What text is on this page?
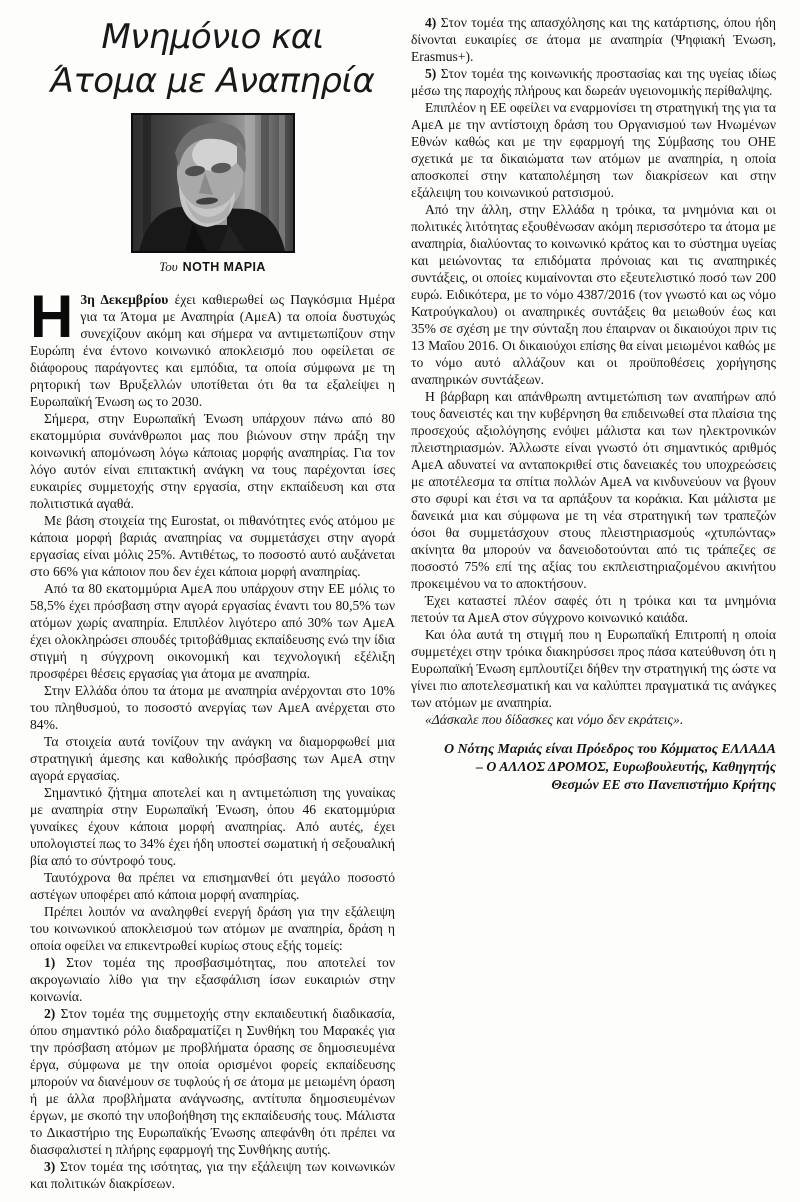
Μνημόνιο και
Άτομα με Αναπηρία
Του ΝΟΤΗ ΜΑΡΙΑ

Η 3η Δεκεμβρίου έχει καθιερωθεί ως Παγκόσμια Ημέρα για τα Άτομα με Αναπηρία (ΑμεΑ) τα οποία δυστυχώς συνεχίζουν ακόμη και σήμερα να αντιμετωπίζουν στην Ευρώπη ένα έντονο κοινωνικό αποκλεισμό που οφείλεται σε διάφορους παράγοντες και εμπόδια, τα οποία σύμφωνα με τη ρητορική των Βρυξελλών υποτίθεται ότι θα τα εξαλείψει η Ευρωπαϊκή Ένωση ως το 2030.

Σήμερα, στην Ευρωπαϊκή Ένωση υπάρχουν πάνω από 80 εκατομμύρια συνάνθρωποι μας που βιώνουν στην πράξη την κοινωνική απομόνωση λόγω κάποιας μορφής αναπηρίας. Για τον λόγο αυτόν είναι επιτακτική ανάγκη να τους παρέχονται ίσες ευκαιρίες συμμετοχής στην εργασία, στην εκπαίδευση και στα πολιτιστικά αγαθά.

Με βάση στοιχεία της Eurostat, οι πιθανότητες ενός ατόμου με κάποια μορφή βαριάς αναπηρίας να συμμετάσχει στην αγορά εργασίας είναι μόλις 25%. Αντιθέτως, το ποσοστό αυτό αυξάνεται στο 66% για κάποιον που δεν έχει κάποια μορφή αναπηρίας.

Από τα 80 εκατομμύρια ΑμεΑ που υπάρχουν στην ΕΕ μόλις το 58,5% έχει πρόσβαση στην αγορά εργασίας έναντι του 80,5% των ατόμων χωρίς αναπηρία. Επιπλέον λιγότερο από 30% των ΑμεΑ έχει ολοκληρώσει σπουδές τριτοβάθμιας εκπαίδευσης ενώ την ίδια στιγμή η σύγχρονη οικονομική και τεχνολογική εξέλιξη προσφέρει θέσεις εργασίας για άτομα με αναπηρία.

Στην Ελλάδα όπου τα άτομα με αναπηρία ανέρχονται στο 10% του πληθυσμού, το ποσοστό ανεργίας των ΑμεΑ ανέρχεται στο 84%.

Τα στοιχεία αυτά τονίζουν την ανάγκη να διαμορφωθεί μια στρατηγική άμεσης και καθολικής πρόσβασης των ΑμεΑ στην αγορά εργασίας.

Σημαντικό ζήτημα αποτελεί και η αντιμετώπιση της γυναίκας με αναπηρία στην Ευρωπαϊκή Ένωση, όπου 46 εκατομμύρια γυναίκες έχουν κάποια μορφή αναπηρίας. Από αυτές, έχει υπολογιστεί πως το 34% έχει ήδη υποστεί σωματική ή σεξουαλική βία από το σύντροφό τους.

Ταυτόχρονα θα πρέπει να επισημανθεί ότι μεγάλο ποσοστό αστέγων υποφέρει από κάποια μορφή αναπηρίας.

Πρέπει λοιπόν να αναληφθεί ενεργή δράση για την εξάλειψη του κοινωνικού αποκλεισμού των ατόμων με αναπηρία, δράση η οποία οφείλει να επικεντρωθεί κυρίως στους εξής τομείς:

1) Στον τομέα της προσβασιμότητας, που αποτελεί τον ακρογωνιαίο λίθο για την εξασφάλιση ίσων ευκαιριών στην κοινωνία.

2) Στον τομέα της συμμετοχής στην εκπαιδευτική διαδικασία, όπου σημαντικό ρόλο διαδραματίζει η Συνθήκη του Μαρακές για την πρόσβαση ατόμων με προβλήματα όρασης σε δημοσιευμένα έργα, σύμφωνα με την οποία ορισμένοι φορείς εκπαίδευσης μπορούν να διανέμουν σε τυφλούς ή σε άτομα με μειωμένη όραση ή με άλλα προβλήματα ανάγνωσης, αντίτυπα δημοσιευμένων έργων, με σκοπό την υποβοήθηση της εκπαίδευσής τους. Μάλιστα το Δικαστήριο της Ευρωπαϊκής Ένωσης απεφάνθη ότι πρέπει να διασφαλιστεί η πλήρης εφαρμογή της Συνθήκης αυτής.

3) Στον τομέα της ισότητας, για την εξάλειψη των κοινωνικών και πολιτικών διακρίσεων.

4) Στον τομέα της απασχόλησης και της κατάρτισης, όπου ήδη δίνονται ευκαιρίες σε άτομα με αναπηρία (Ψηφιακή Ένωση, Erasmus+).

5) Στον τομέα της κοινωνικής προστασίας και της υγείας ιδίως μέσω της παροχής πλήρους και δωρεάν υγειονομικής περίθαλψης.

Επιπλέον η ΕΕ οφείλει να εναρμονίσει τη στρατηγική της για τα ΑμεΑ με την αντίστοιχη δράση του Οργανισμού των Ηνωμένων Εθνών καθώς και με την εφαρμογή της Σύμβασης του ΟΗΕ σχετικά με τα δικαιώματα των ατόμων με αναπηρία, η οποία αποσκοπεί στην καταπολέμηση των διακρίσεων και στην εξάλειψη του κοινωνικού ρατσισμού.

Από την άλλη, στην Ελλάδα η τρόικα, τα μνημόνια και οι πολιτικές λιτότητας εξουθένωσαν ακόμη περισσότερο τα άτομα με αναπηρία, διαλύοντας το κοινωνικό κράτος και το σύστημα υγείας και μειώνοντας τα επιδόματα πρόνοιας και τις αναπηρικές συντάξεις, οι οποίες κυμαίνονται στο εξευτελιστικό ποσό των 200 ευρώ. Ειδικότερα, με το νόμο 4387/2016 (τον γνωστό και ως νόμο Κατρούγκαλου) οι αναπηρικές συντάξεις θα μειωθούν έως και 35% σε σχέση με την σύνταξη που έπαιρναν οι δικαιούχοι πριν τις 13 Μαΐου 2016. Οι δικαιούχοι επίσης θα είναι μειωμένοι καθώς με το νόμο αυτό αλλάζουν και οι προϋποθέσεις χορήγησης αναπηρικών συντάξεων.

Η βάρβαρη και απάνθρωπη αντιμετώπιση των αναπήρων από τους δανειστές και την κυβέρνηση θα επιδεινωθεί στα πλαίσια της προσεχούς αξιολόγησης ενόψει μάλιστα και των ηλεκτρονικών πλειστηριασμών. Άλλωστε είναι γνωστό ότι σημαντικός αριθμός ΑμεΑ αδυνατεί να ανταποκριθεί στις δανειακές του υποχρεώσεις με αποτέλεσμα τα σπίτια πολλών ΑμεΑ να κινδυνεύουν να βγουν στο σφυρί και έτσι να τα αρπάξουν τα κοράκια. Και μάλιστα με δανεικά μια και σύμφωνα με τη νέα στρατηγική των τραπεζών όσοι θα συμμετάσχουν στους πλειστηριασμούς «χτυπώντας» ακίνητα θα μπορούν να δανειοδοτούνται από τις τράπεζες σε ποσοστό 75% επί της αξίας του εκπλειστηριαζομένου ακινήτου προκειμένου να το αποκτήσουν.

Έχει καταστεί πλέον σαφές ότι η τρόικα και τα μνημόνια πετούν τα ΑμεΑ στον σύγχρονο κοινωνικό καιάδα.

Και όλα αυτά τη στιγμή που η Ευρωπαϊκή Επιτροπή η οποία συμμετέχει στην τρόικα διακηρύσσει προς πάσα κατεύθυνση ότι η Ευρωπαϊκή Ένωση εμπλουτίζει δήθεν την στρατηγική της ώστε να γίνει πιο αποτελεσματική και να καλύπτει πραγματικά τις ανάγκες των ατόμων με αναπηρία.

«Δάσκαλε που δίδασκες και νόμο δεν εκράτεις».

Ο Νότης Μαριάς είναι Πρόεδρος του Κόμματος ΕΛΛΑΔΑ
– Ο ΑΛΛΟΣ ΔΡΟΜΟΣ, Ευρωβουλευτής, Καθηγητής
Θεσμών ΕΕ στο Πανεπιστήμιο Κρήτης
